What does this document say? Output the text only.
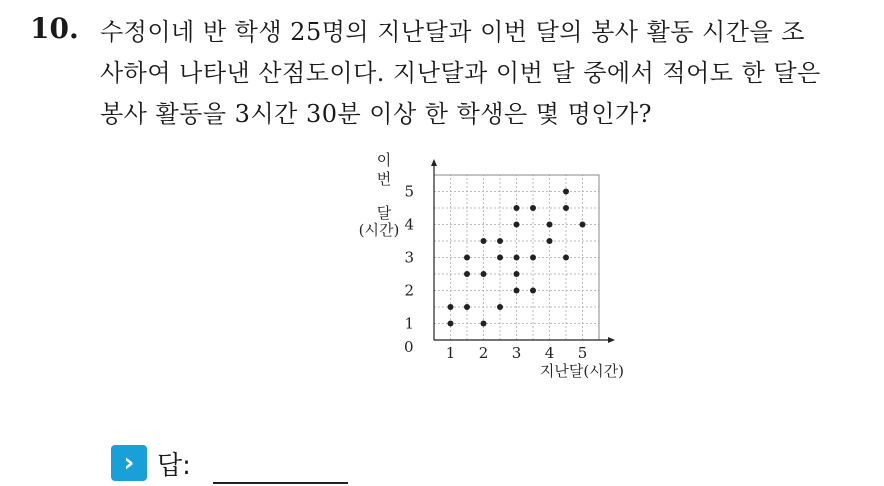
10. 수정이네 반 학생 25명의 지난달과 이번 달의 봉사 활동 시간을 조
사하여 나타낸 산점도이다. 지난달과 이번 달 중에서 적어도 한 달은
봉사 활동을 3시간 30분 이상 한 학생은 몇 명인가?
0
지난달(시간)
이
번
달
(시간)
1 2 3 4 5
1
2
3
4
5
› 답:
